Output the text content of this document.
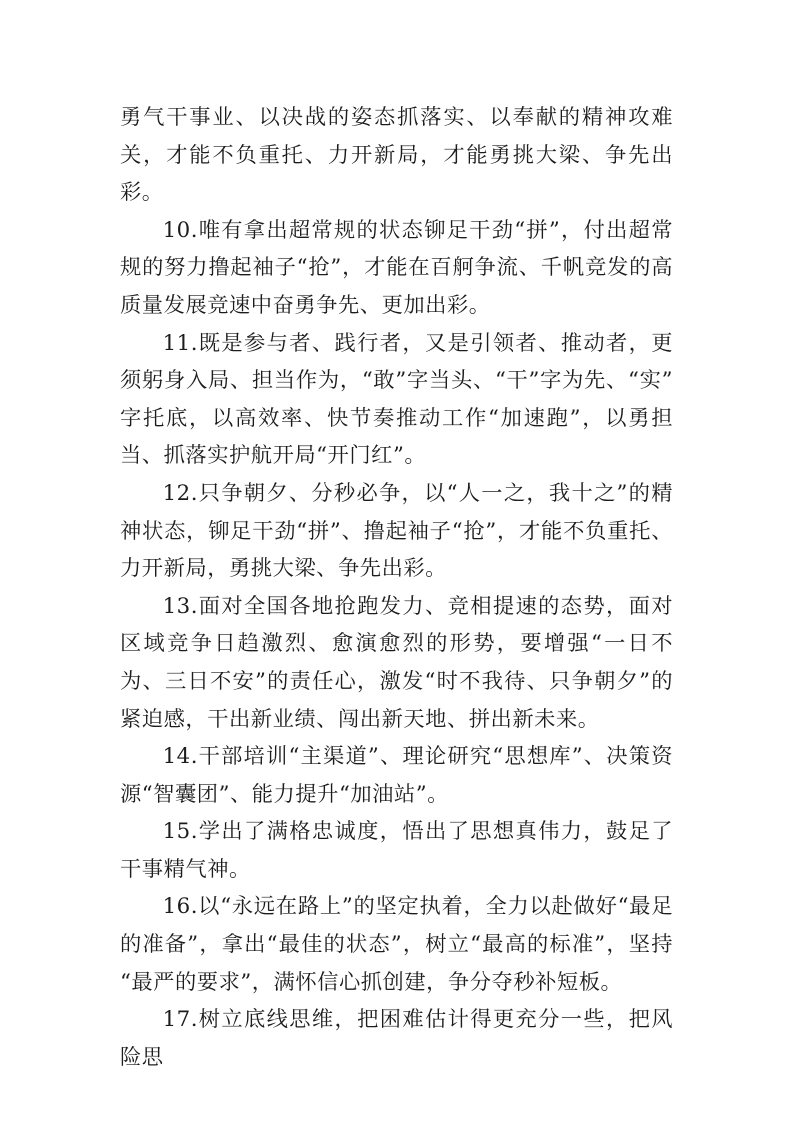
勇气干事业、以决战的姿态抓落实、以奉献的精神攻难关，才能不负重托、力开新局，才能勇挑大梁、争先出彩。

10.唯有拿出超常规的状态铆足干劲“拼”，付出超常规的努力撸起袖子“抢”，才能在百舸争流、千帆竞发的高质量发展竞速中奋勇争先、更加出彩。

11.既是参与者、践行者，又是引领者、推动者，更须躬身入局、担当作为，“敢”字当头、“干”字为先、“实”字托底，以高效率、快节奏推动工作“加速跑”，以勇担当、抓落实护航开局“开门红”。

12.只争朝夕、分秒必争，以“人一之，我十之”的精神状态，铆足干劲“拼”、撸起袖子“抢”，才能不负重托、力开新局，勇挑大梁、争先出彩。

13.面对全国各地抢跑发力、竞相提速的态势，面对区域竞争日趋激烈、愈演愈烈的形势，要增强“一日不为、三日不安”的责任心，激发“时不我待、只争朝夕”的紧迫感，干出新业绩、闯出新天地、拼出新未来。

14.干部培训“主渠道”、理论研究“思想库”、决策资源“智囊团”、能力提升“加油站”。

15.学出了满格忠诚度，悟出了思想真伟力，鼓足了干事精气神。

16.以“永远在路上”的坚定执着，全力以赴做好“最足的准备”，拿出“最佳的状态”，树立“最高的标准”，坚持“最严的要求”，满怀信心抓创建，争分夺秒补短板。

17.树立底线思维，把困难估计得更充分一些，把风险思
